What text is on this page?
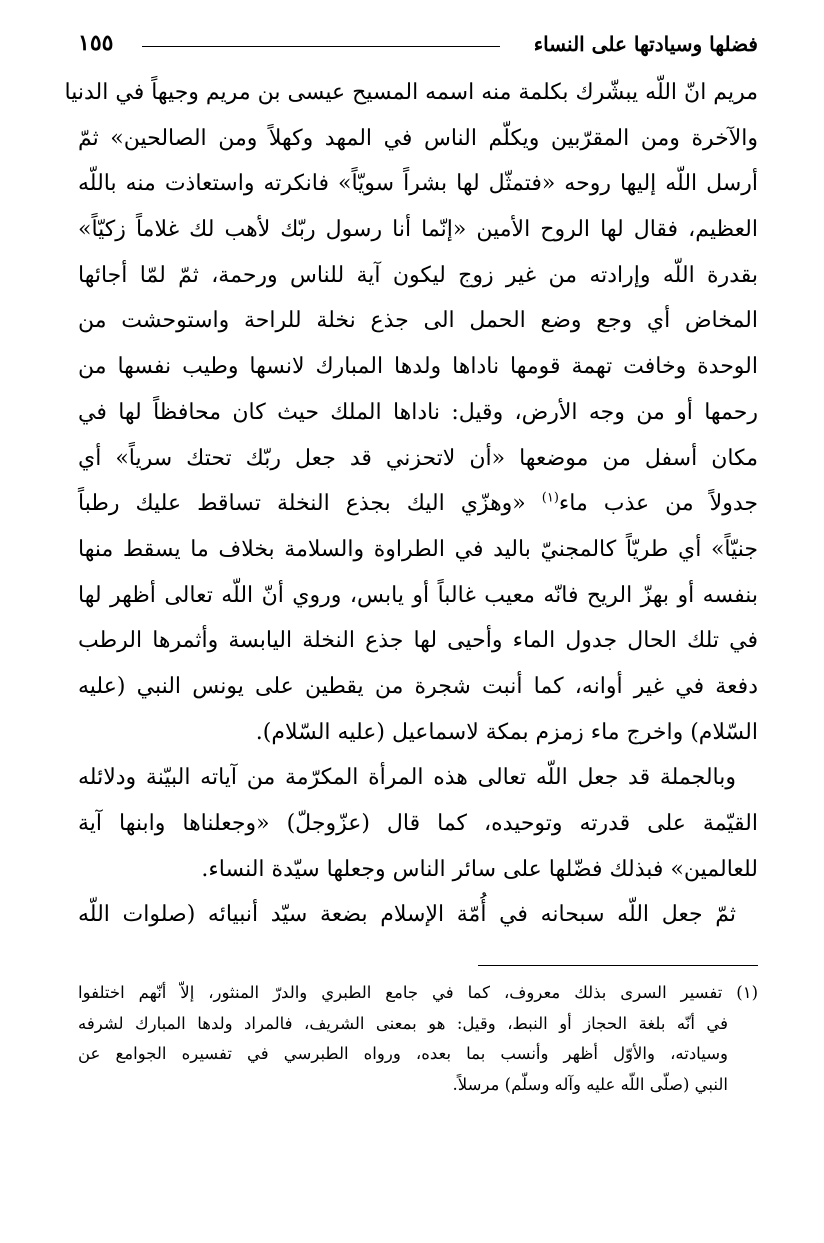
فضلها وسيادتها على النساء
١٥٥
مريم انّ اللّه يبشّرك بكلمة منه اسمه المسيح عيسى بن مريم وجيهاً في الدنيا
والآخرة ومن المقرّبين ويكلّم الناس في المهد وكهلاً ومن الصالحين» ثمّ
أرسل اللّه إليها روحه «فتمثّل لها بشراً سويّاً» فانكرته واستعاذت منه باللّه
العظيم، فقال لها الروح الأمين «إنّما أنا رسول ربّك لأهب لك غلاماً زكيّاً»
بقدرة اللّه وإرادته من غير زوج ليكون آية للناس ورحمة، ثمّ لمّا أجائها
المخاض أي وجع وضع الحمل الى جذع نخلة للراحة واستوحشت من
الوحدة وخافت تهمة قومها ناداها ولدها المبارك لانسها وطيب نفسها من
رحمها أو من وجه الأرض، وقيل: ناداها الملك حيث كان محافظاً لها في
مكان أسفل من موضعها «أن لاتحزني قد جعل ربّك تحتك سرياً» أي
جدولاً من عذب ماء$^{(١)}$ «وهزّي اليك بجذع النخلة تساقط عليك رطباً
جنيّاً» أي طريّاً كالمجنيّ باليد في الطراوة والسلامة بخلاف ما يسقط منها
بنفسه أو بهزّ الريح فانّه معيب غالباً أو يابس، وروي أنّ اللّه تعالى أظهر لها
في تلك الحال جدول الماء وأحيى لها جذع النخلة اليابسة وأثمرها الرطب
دفعة في غير أوانه، كما أنبت شجرة من يقطين على يونس النبي (عليه
السّلام) واخرج ماء زمزم بمكة لاسماعيل (عليه السّلام).
وبالجملة قد جعل اللّه تعالى هذه المرأة المكرّمة من آياته البيّنة ودلائله
القيّمة على قدرته وتوحيده، كما قال (عزّوجلّ) «وجعلناها وابنها آية
للعالمين» فبذلك فضّلها على سائر الناس وجعلها سيّدة النساء.
ثمّ جعل اللّه سبحانه في أُمّة الإسلام بضعة سيّد أنبيائه (صلوات اللّه
(١) تفسير السرى بذلك معروف، كما في جامع الطبري والدرّ المنثور، إلاّ أنّهم اختلفوا
في أنّه بلغة الحجاز أو النبط، وقيل: هو بمعنى الشريف، فالمراد ولدها المبارك لشرفه
وسيادته، والأوّل أظهر وأنسب بما بعده، ورواه الطبرسي في تفسيره الجوامع عن
النبي (صلّى اللّه عليه وآله وسلّم) مرسلاً.
